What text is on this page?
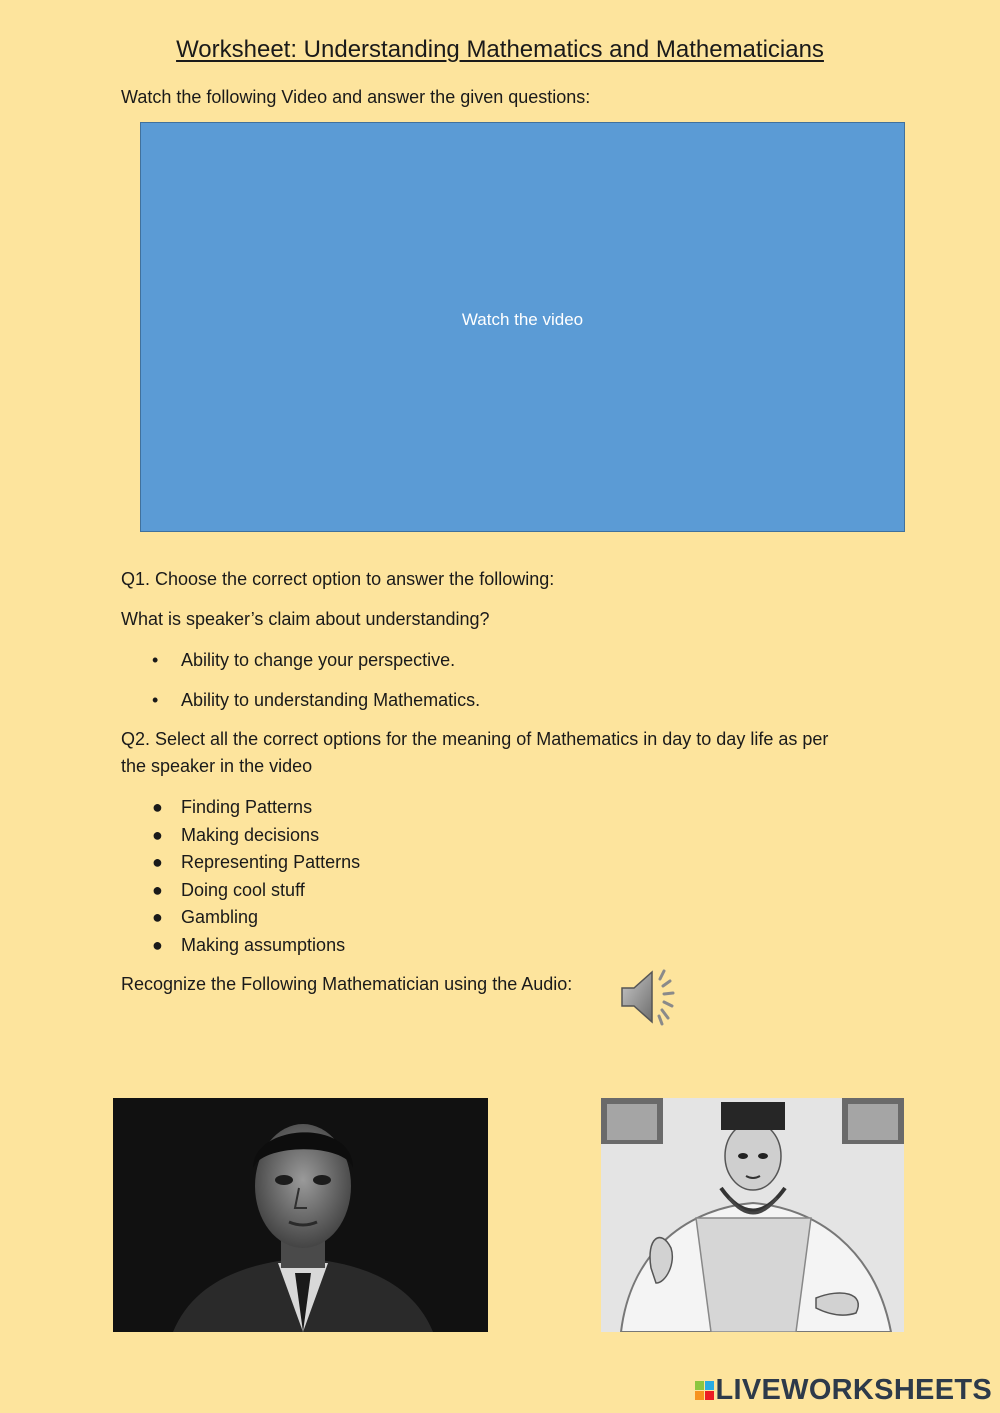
Worksheet: Understanding Mathematics and Mathematicians
Watch the following Video and answer the given questions:
Watch the video
Q1. Choose the correct option to answer the following:
What is speaker’s claim about understanding?
• Ability to change your perspective.
• Ability to understanding Mathematics.
Q2. Select all the correct options for the meaning of Mathematics in day to day life as per
the speaker in the video
● Finding Patterns
● Making decisions
● Representing Patterns
● Doing cool stuff
● Gambling
● Making assumptions
Recognize the Following Mathematician using the Audio:
LIVEWORKSHEETS
